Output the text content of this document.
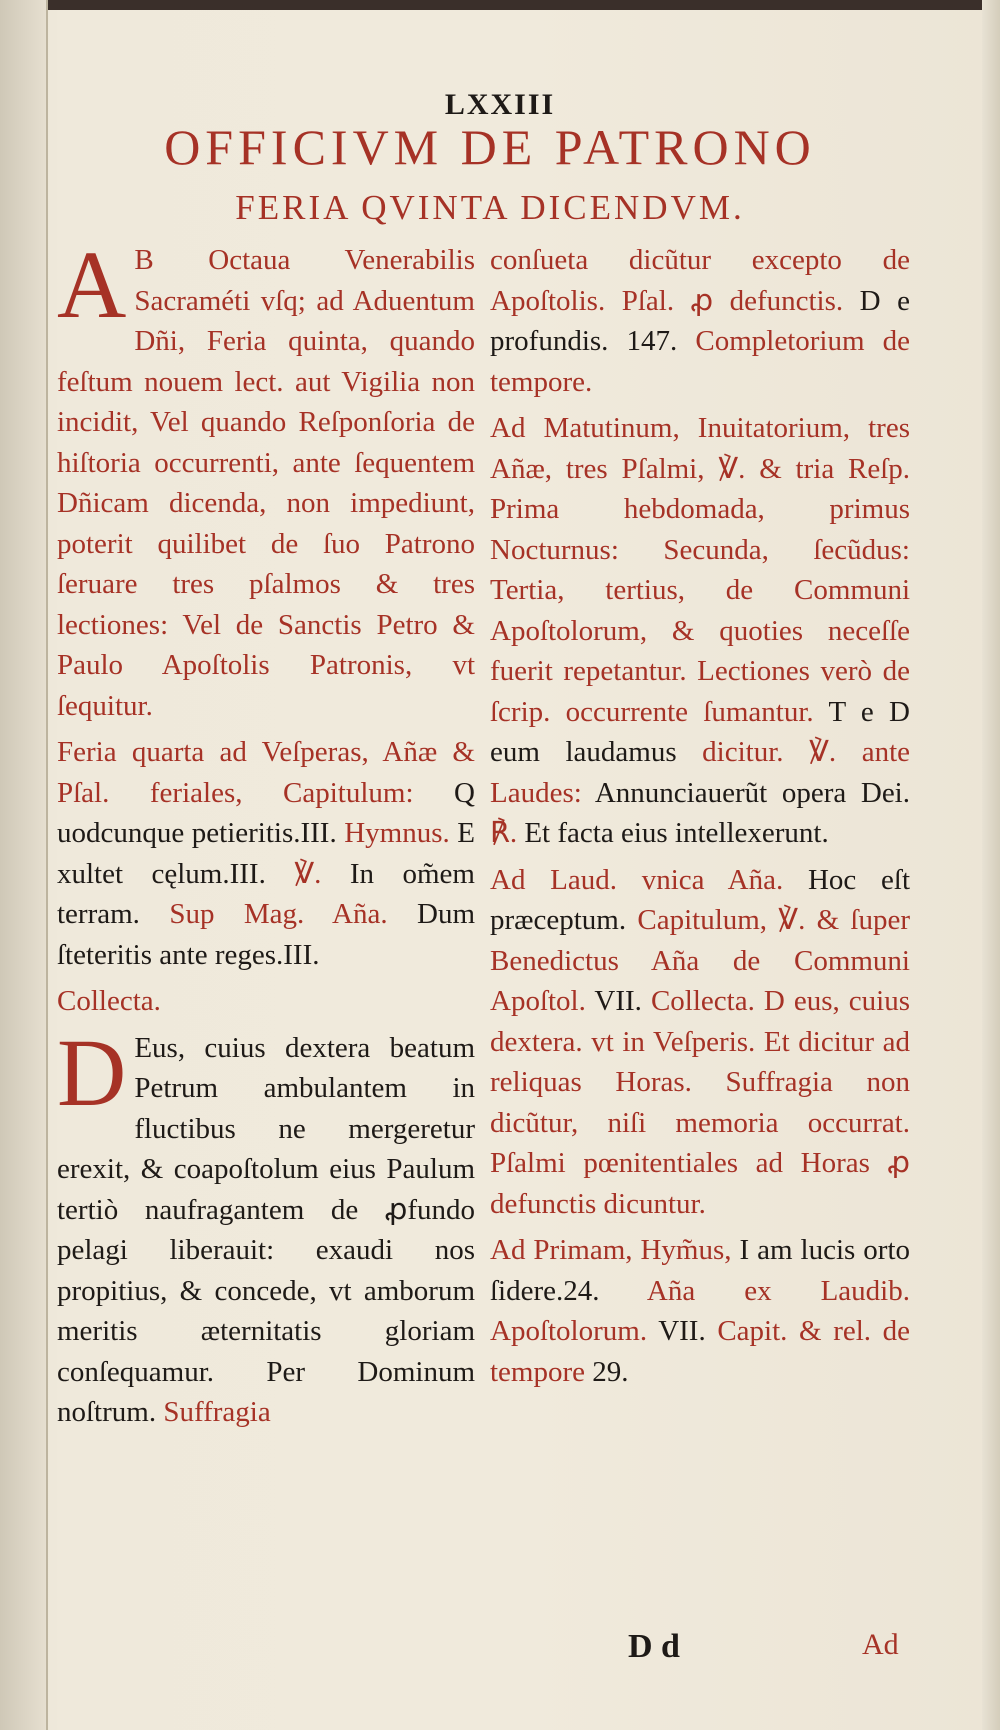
LXXIII
OFFICIVM DE PATRONO
FERIA QVINTA DICENDVM.

A B Octaua Venerabilis Sacraméti vſq; ad Aduentum Dñi, Feria quinta, quando feſtum nouem lect. aut Vigilia non incidit, Vel quando Reſponſoria de hiſtoria occurrenti, ante ſequentem Dñicam dicenda, non impediunt, poterit quilibet de ſuo Patrono ſeruare tres pſalmos & tres lectiones: Vel de Sanctis Petro & Paulo Apoſtolis Patronis, vt ſequitur.

Feria quarta ad Veſperas, Añæ & Pſal. feriales, Capitulum: Q uodcunque petieritis.III. Hymnus. E xultet cęlum.III. ℣. In om̃em terram. Sup Mag. Aña. Dum ſteteritis ante reges.III.

Collecta.

D Eus, cuius dextera beatum Petrum ambulantem in fluctibus ne mergeretur erexit, & coapoſtolum eius Paulum tertiò naufragantem de ꝓfundo pelagi liberauit: exaudi nos propitius, & concede, vt amborum meritis æternitatis gloriam conſequamur. Per Dominum noſtrum. Suffragia

conſueta dicũtur excepto de Apoſtolis. Pſal. ꝓ defunctis. D e profundis. 147. Completorium de tempore.

Ad Matutinum, Inuitatorium, tres Añæ, tres Pſalmi, ℣. & tria Reſp. Prima hebdomada, primus Nocturnus: Secunda, ſecũdus: Tertia, tertius, de Communi Apoſtolorum, & quoties neceſſe fuerit repetantur. Lectiones verò de ſcrip. occurrente ſumantur. T e D eum laudamus dicitur. ℣. ante Laudes: Annunciauerũt opera Dei. ℟. Et facta eius intellexerunt.

Ad Laud. vnica Aña. Hoc eſt præceptum. Capitulum, ℣. & ſuper Benedictus Aña de Communi Apoſtol. VII. Collecta. D eus, cuius dextera. vt in Veſperis. Et dicitur ad reliquas Horas. Suffragia non dicũtur, niſi memoria occurrat. Pſalmi pœnitentiales ad Horas ꝓ defunctis dicuntur.

Ad Primam, Hym̃us, I am lucis orto ſidere.24. Aña ex Laudib. Apoſtolorum. VII. Capit. & rel. de tempore 29.

D d	Ad
